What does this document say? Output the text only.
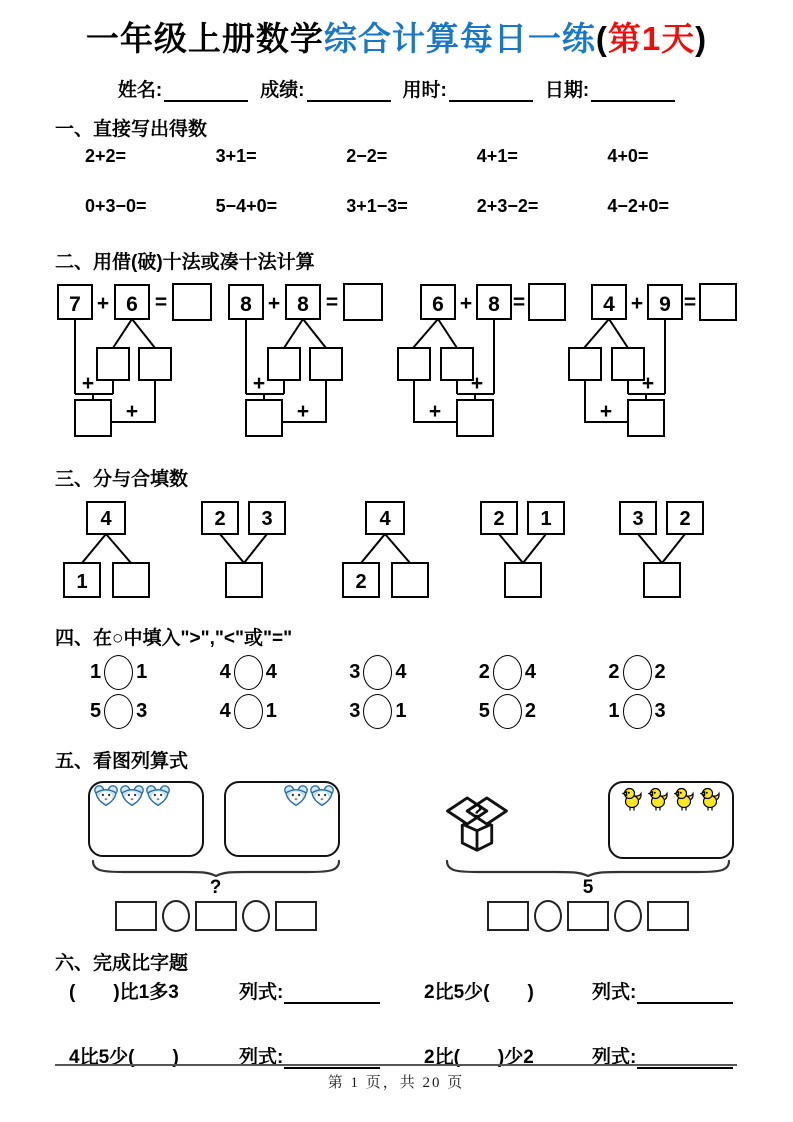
一年级上册数学综合计算每日一练(第1天)
姓名:	成绩:	用时:	日期:
一、直接写出得数
2+2=	3+1=	2−2=	4+1=	4+0=
0+3−0=	5−4+0=	3+1−3=	2+3−2=	4−2+0=
二、用借(破)十法或凑十法计算
7 + 6 =
+
+
8 + 8 =
+
+
6 + 8 =
+
+
4 + 9 =
+
+
三、分与合填数
4
1
2 3	4
2
2 1	3 2
四、在○中填入">","<"或"="
1 1	4 4	3 4	2 4	2 2
5 3	4 1	3 1	5 2	1 3
五、看图列算式
?
?
5
六、完成比字题
(　　)比1多3	列式:	2比5少(　　)	列式:
4比5少(　　)	列式:	2比(　　)少2	列式:
第 1 页，共 20 页
